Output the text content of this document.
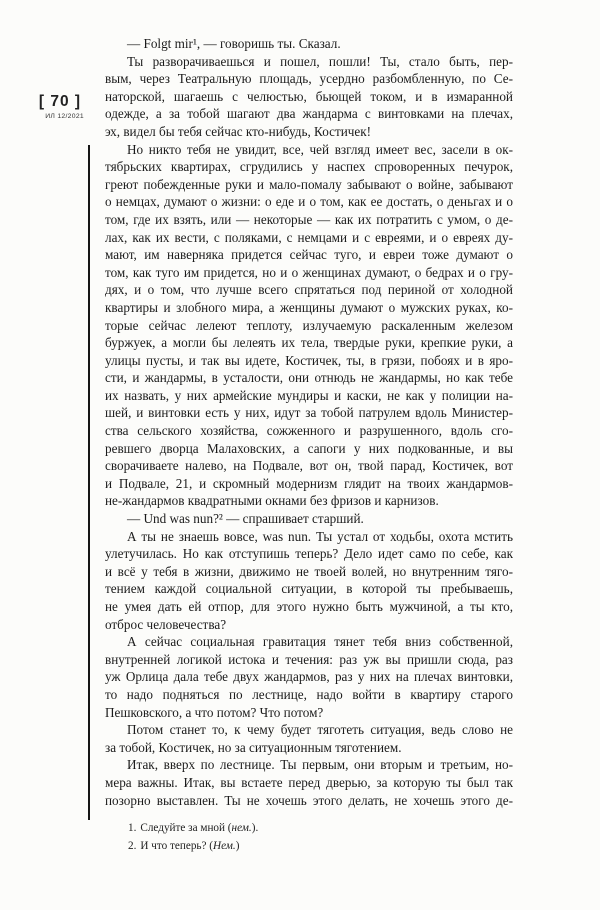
[ 70 ]
ИЛ 12/2021
— Folgt mir¹, — говоришь ты. Сказал.
Ты разворачиваешься и пошел, пошли! Ты, стало быть, пер-
вым, через Театральную площадь, усердно разбомбленную, по Се-
наторской, шагаешь с челюстью, бьющей током, и в измаранной
одежде, а за тобой шагают два жандарма с винтовками на плечах,
эх, видел бы тебя сейчас кто-нибудь, Костичек!
Но никто тебя не увидит, все, чей взгляд имеет вес, засели в ок-
тябрьских квартирах, сгрудились у наспех спроворенных печурок,
греют побежденные руки и мало-помалу забывают о войне, забывают
о немцах, думают о жизни: о еде и о том, как ее достать, о деньгах и о
том, где их взять, или — некоторые — как их потратить с умом, о де-
лах, как их вести, с поляками, с немцами и с евреями, и о евреях ду-
мают, им наверняка придется сейчас туго, и евреи тоже думают о
том, как туго им придется, но и о женщинах думают, о бедрах и о гру-
дях, и о том, что лучше всего спрятаться под периной от холодной
квартиры и злобного мира, а женщины думают о мужских руках, ко-
торые сейчас лелеют теплоту, излучаемую раскаленным железом
буржуек, а могли бы лелеять их тела, твердые руки, крепкие руки, а
улицы пусты, и так вы идете, Костичек, ты, в грязи, побоях и в яро-
сти, и жандармы, в усталости, они отнюдь не жандармы, но как тебе
их назвать, у них армейские мундиры и каски, не как у полиции на-
шей, и винтовки есть у них, идут за тобой патрулем вдоль Министер-
ства сельского хозяйства, сожженного и разрушенного, вдоль сго-
ревшего дворца Малаховских, а сапоги у них подкованные, и вы
сворачиваете налево, на Подвале, вот он, твой парад, Костичек, вот
и Подвале, 21, и скромный модернизм глядит на твоих жандармов-
не-жандармов квадратными окнами без фризов и карнизов.
— Und was nun?² — спрашивает старший.
А ты не знаешь вовсе, was nun. Ты устал от ходьбы, охота мстить
улетучилась. Но как отступишь теперь? Дело идет само по себе, как
и всё у тебя в жизни, движимо не твоей волей, но внутренним тяго-
тением каждой социальной ситуации, в которой ты пребываешь,
не умея дать ей отпор, для этого нужно быть мужчиной, а ты кто,
отброс человечества?
А сейчас социальная гравитация тянет тебя вниз собственной,
внутренней логикой истока и течения: раз уж вы пришли сюда, раз
уж Орлица дала тебе двух жандармов, раз у них на плечах винтовки,
то надо подняться по лестнице, надо войти в квартиру старого
Пешковского, а что потом? Что потом?
Потом станет то, к чему будет тяготеть ситуация, ведь слово не
за тобой, Костичек, но за ситуационным тяготением.
Итак, вверх по лестнице. Ты первым, они вторым и третьим, но-
мера важны. Итак, вы встаете перед дверью, за которую ты был так
позорно выставлен. Ты не хочешь этого делать, не хочешь этого де-
1. Следуйте за мной (нем.).
2. И что теперь? (Нем.)
